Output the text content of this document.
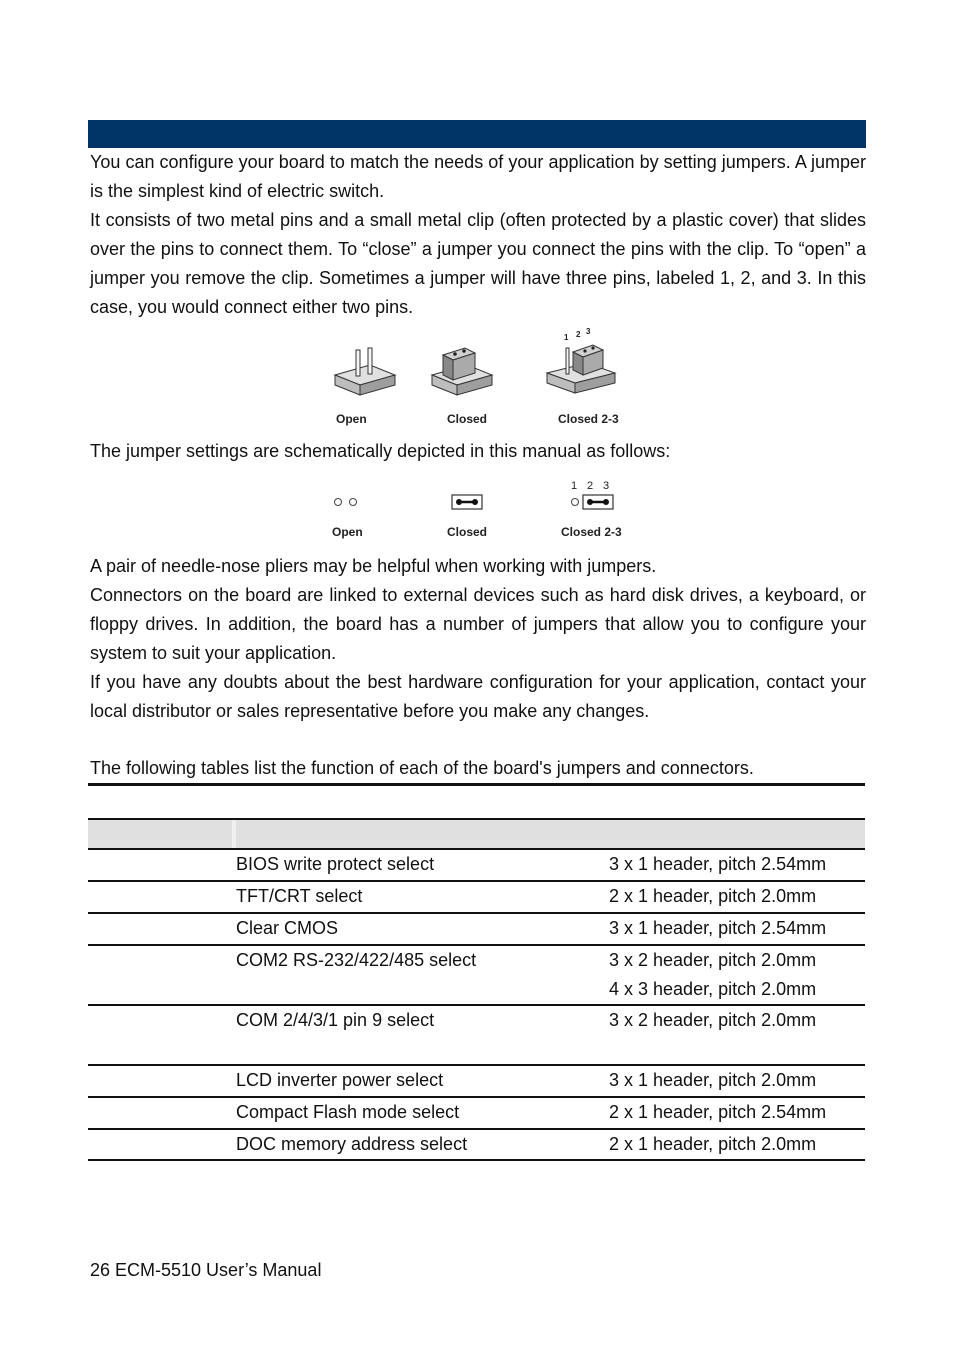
You can configure your board to match the needs of your application by setting jumpers. A jumper is the simplest kind of electric switch.

It consists of two metal pins and a small metal clip (often protected by a plastic cover) that slides over the pins to connect them. To “close” a jumper you connect the pins with the clip. To “open” a jumper you remove the clip. Sometimes a jumper will have three pins, labeled 1, 2, and 3. In this case, you would connect either two pins.

1 2 3
Open	Closed	Closed 2-3

The jumper settings are schematically depicted in this manual as follows:

1 2 3
Open	Closed	Closed 2-3

A pair of needle-nose pliers may be helpful when working with jumpers.

Connectors on the board are linked to external devices such as hard disk drives, a keyboard, or floppy drives. In addition, the board has a number of jumpers that allow you to configure your system to suit your application.

If you have any doubts about the best hardware configuration for your application, contact your local distributor or sales representative before you make any changes.

The following tables list the function of each of the board's jumpers and connectors.

BIOS write protect select	3 x 1 header, pitch 2.54mm
TFT/CRT select	2 x 1 header, pitch 2.0mm
Clear CMOS	3 x 1 header, pitch 2.54mm
COM2 RS-232/422/485 select	3 x 2 header, pitch 2.0mm
4 x 3 header, pitch 2.0mm
COM 2/4/3/1 pin 9 select	3 x 2 header, pitch 2.0mm
LCD inverter power select	3 x 1 header, pitch 2.0mm
Compact Flash mode select	2 x 1 header, pitch 2.54mm
DOC memory address select	2 x 1 header, pitch 2.0mm
26 ECM-5510 User’s Manual
